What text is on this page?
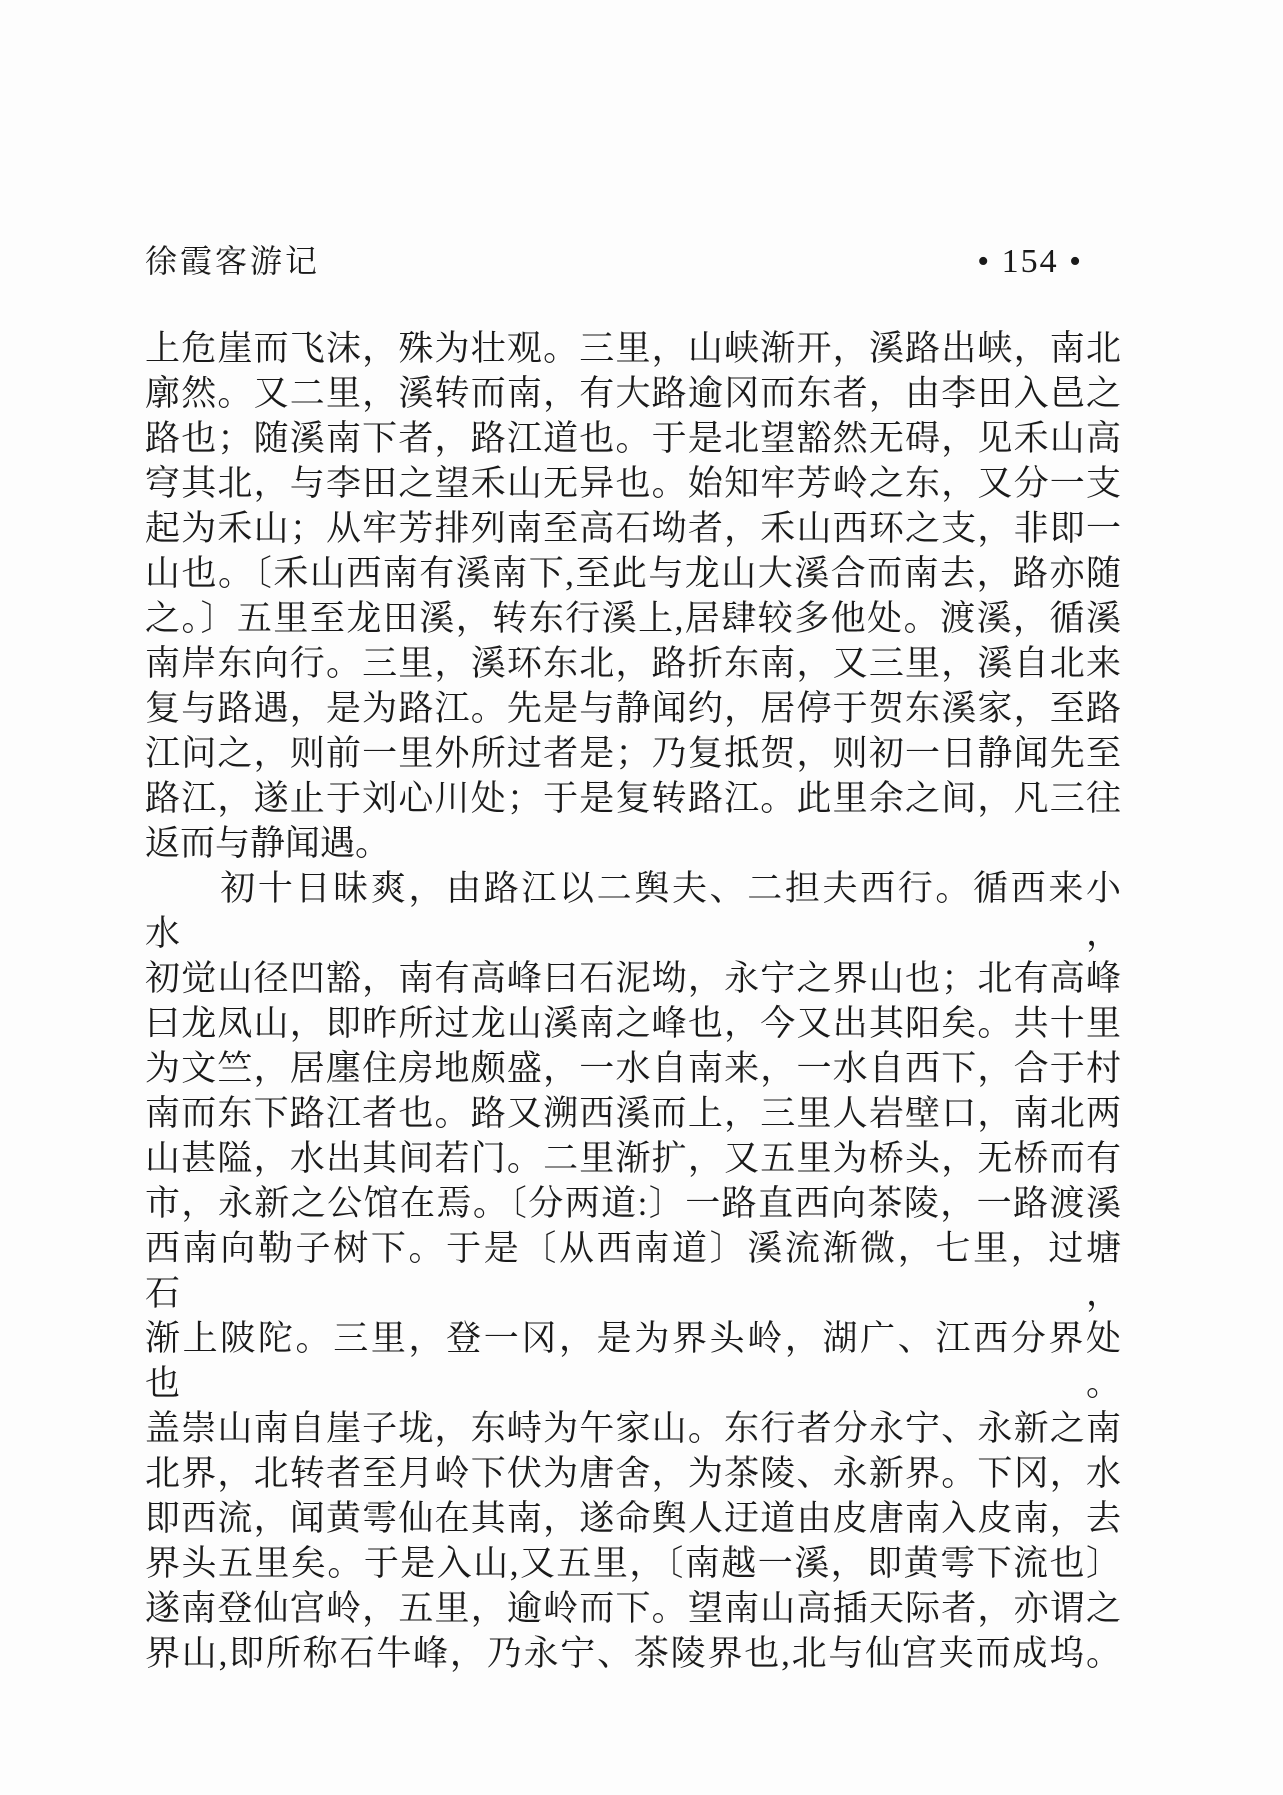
徐霞客游记	• 154 •
上危崖而飞沫，殊为壮观。三里，山峡渐开，溪路出峡，南北
廓然。又二里，溪转而南，有大路逾冈而东者，由李田入邑之
路也；随溪南下者，路江道也。于是北望豁然无碍，见禾山高
穹其北，与李田之望禾山无异也。始知牢芳岭之东，又分一支
起为禾山；从牢芳排列南至高石坳者，禾山西环之支，非即一
山也。〔禾山西南有溪南下,至此与龙山大溪合而南去，路亦随
之。〕五里至龙田溪，转东行溪上,居肆较多他处。渡溪，循溪
南岸东向行。三里，溪环东北，路折东南，又三里，溪自北来
复与路遇，是为路江。先是与静闻约，居停于贺东溪家，至路
江问之，则前一里外所过者是；乃复抵贺，则初一日静闻先至
路江，遂止于刘心川处；于是复转路江。此里余之间，凡三往
返而与静闻遇。
　　初十日昧爽，由路江以二舆夫、二担夫西行。循西来小水，
初觉山径凹豁，南有高峰曰石泥坳，永宁之界山也；北有高峰
曰龙凤山，即昨所过龙山溪南之峰也，今又出其阳矣。共十里
为文竺，居廛住房地颇盛，一水自南来，一水自西下，合于村
南而东下路江者也。路又溯西溪而上，三里人岩壁口，南北两
山甚隘，水出其间若门。二里渐扩，又五里为桥头，无桥而有
市，永新之公馆在焉。〔分两道:〕一路直西向茶陵，一路渡溪
西南向勒子树下。于是〔从西南道〕溪流渐微，七里，过塘石，
渐上陂陀。三里，登一冈，是为界头岭，湖广、江西分界处也。
盖崇山南自崖子垅，东峙为午家山。东行者分永宁、永新之南
北界，北转者至月岭下伏为唐舍，为茶陵、永新界。下冈，水
即西流，闻黄雩仙在其南，遂命舆人迂道由皮唐南入皮南，去
界头五里矣。于是入山,又五里，〔南越一溪，即黄雩下流也〕
遂南登仙宫岭，五里，逾岭而下。望南山高插天际者，亦谓之
界山,即所称石牛峰，乃永宁、茶陵界也,北与仙宫夹而成坞。
